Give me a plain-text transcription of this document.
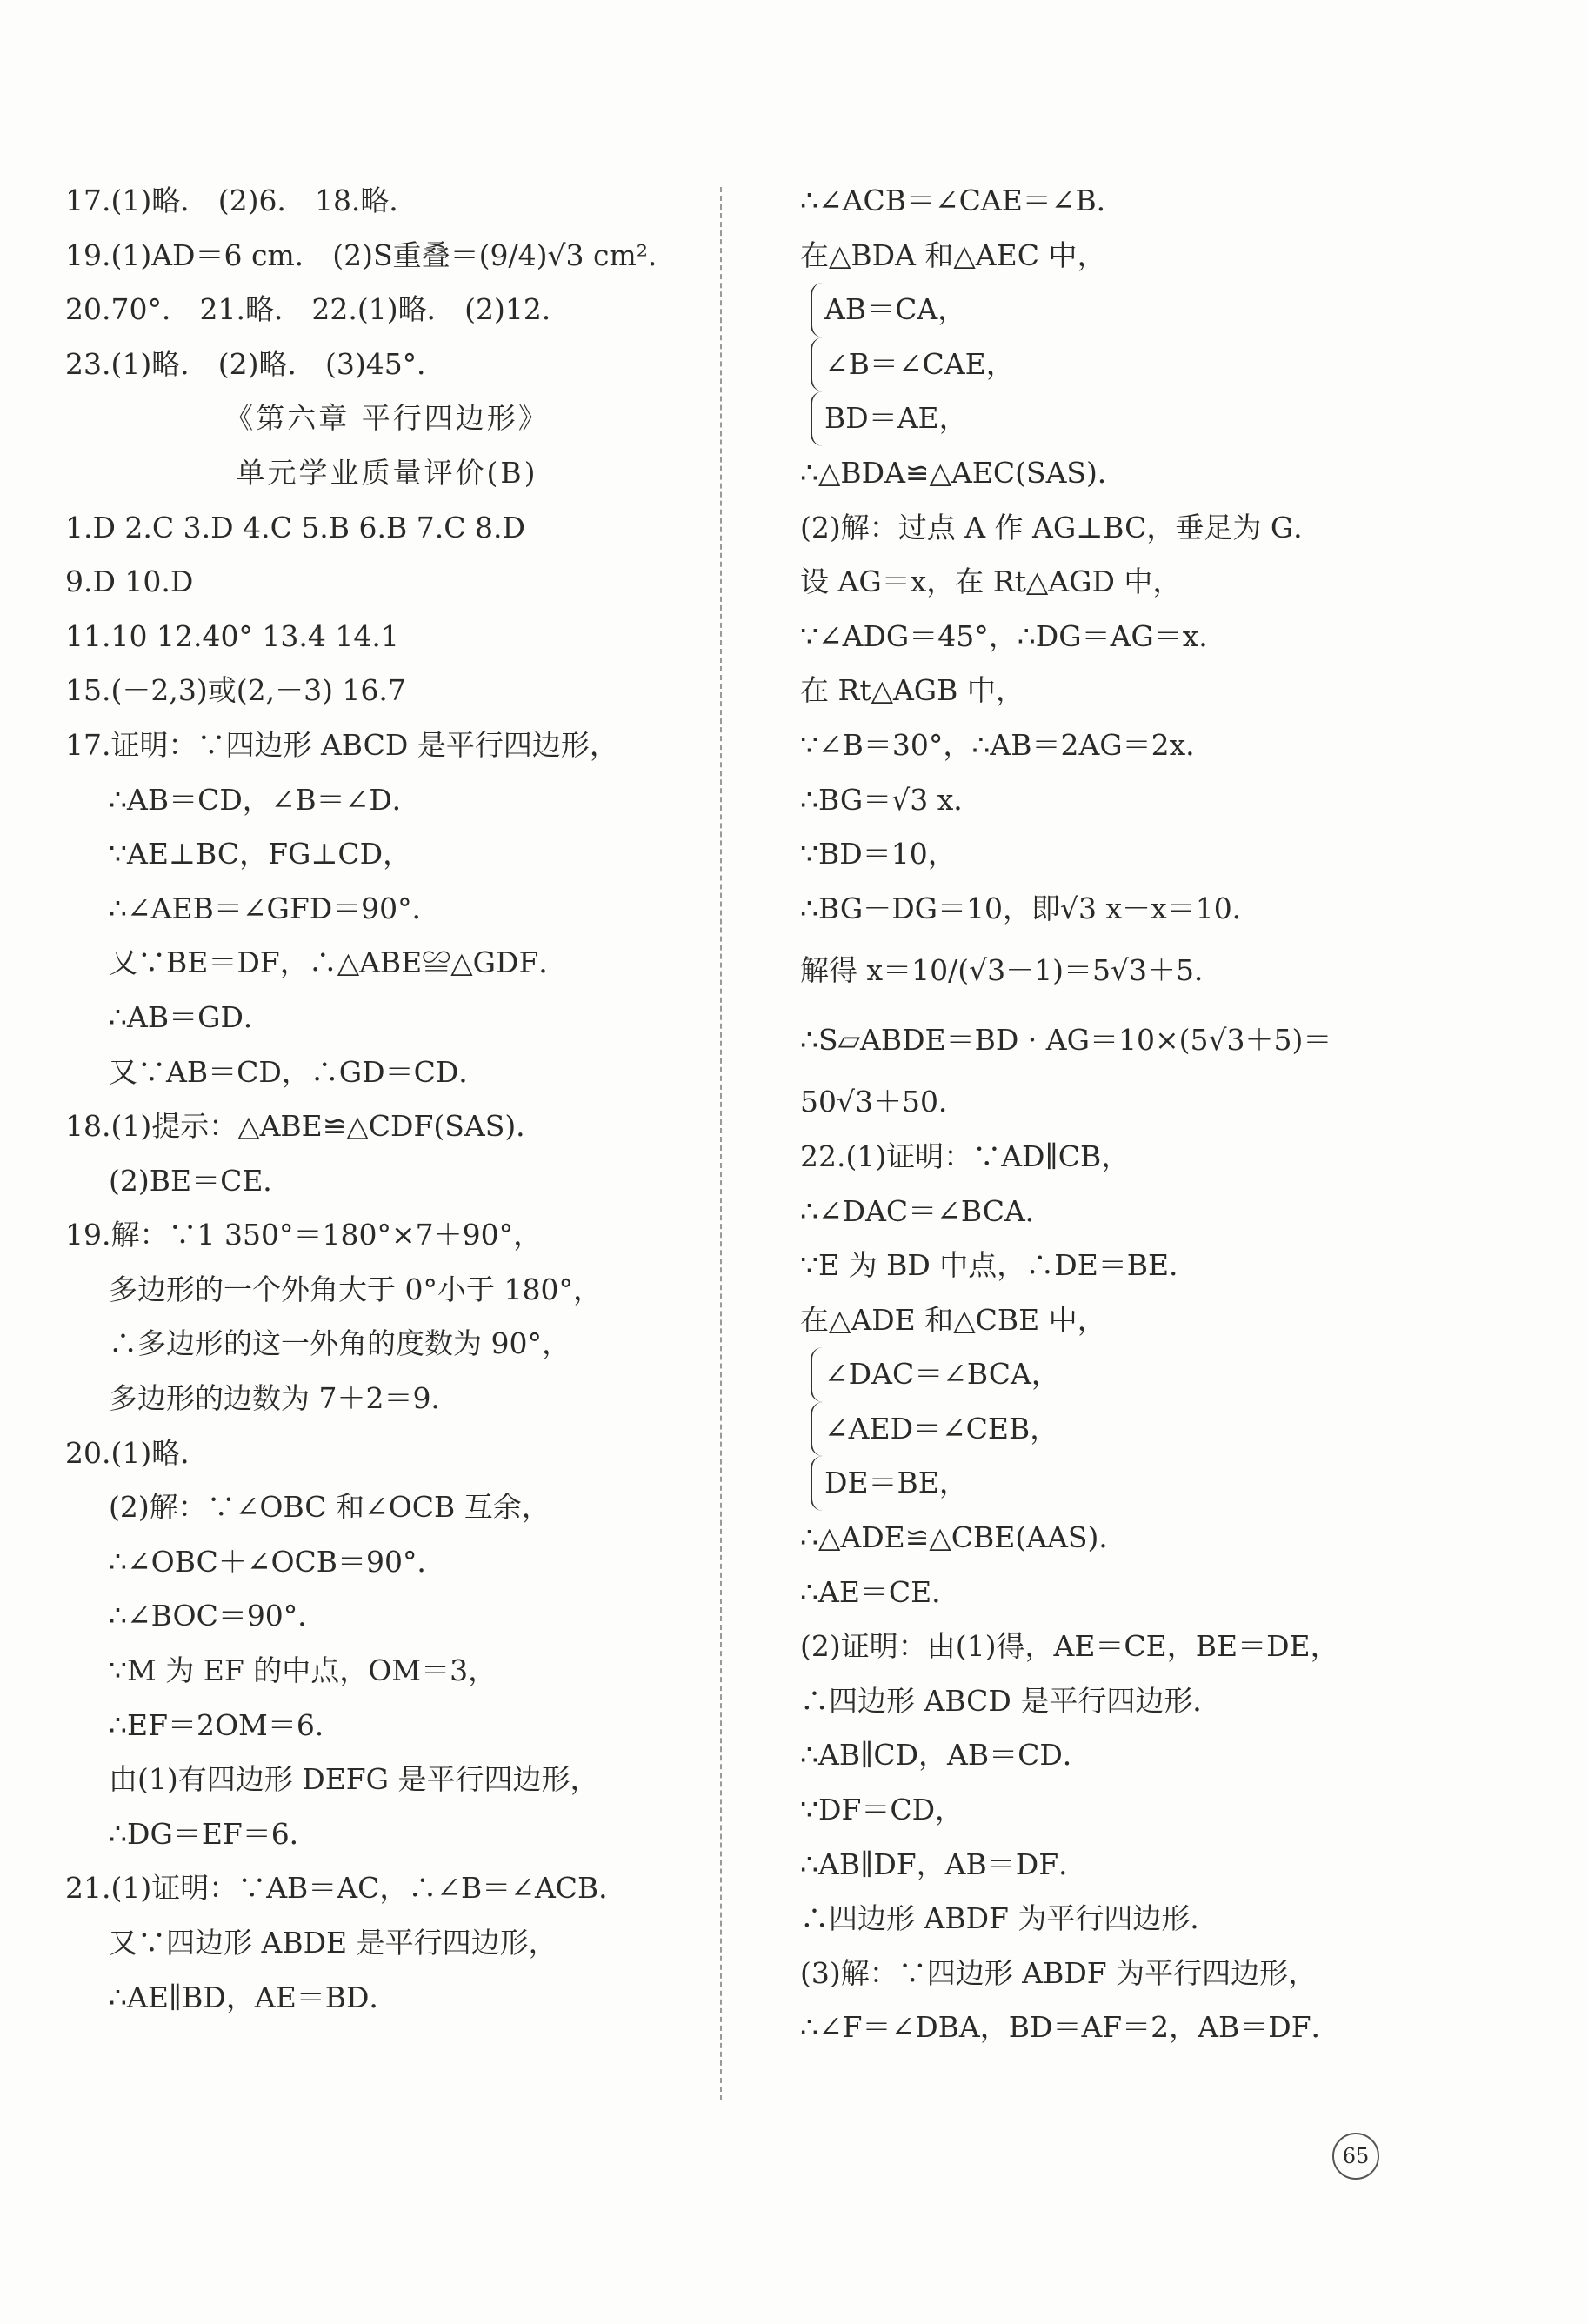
17.(1)略． (2)6． 18.略．
19.(1)AD＝6 cm． (2)S重叠＝(9/4)√3 cm²．
20.70°． 21.略． 22.(1)略． (2)12．
23.(1)略． (2)略． (3)45°．
《第六章 平行四边形》
单元学业质量评价(B)
1.D 2.C 3.D 4.C 5.B 6.B 7.C 8.D
9.D 10.D
11.10 12.40° 13.4 14.1
15.(－2,3)或(2,－3) 16.7
17.证明：∵四边形 ABCD 是平行四边形，
∴AB＝CD，∠B＝∠D．
∵AE⊥BC，FG⊥CD，
∴∠AEB＝∠GFD＝90°．
又∵BE＝DF，∴△ABE≌△GDF．
∴AB＝GD．
又∵AB＝CD，∴GD＝CD．
18.(1)提示：△ABE≌△CDF(SAS)．
(2)BE＝CE．
19.解：∵1 350°＝180°×7＋90°，
多边形的一个外角大于 0°小于 180°，
∴多边形的这一外角的度数为 90°，
多边形的边数为 7＋2＝9．
20.(1)略．
(2)解：∵∠OBC 和∠OCB 互余，
∴∠OBC＋∠OCB＝90°．
∴∠BOC＝90°．
∵M 为 EF 的中点，OM＝3，
∴EF＝2OM＝6．
由(1)有四边形 DEFG 是平行四边形，
∴DG＝EF＝6．
21.(1)证明：∵AB＝AC，∴∠B＝∠ACB．
又∵四边形 ABDE 是平行四边形，
∴AE∥BD，AE＝BD．
∴∠ACB＝∠CAE＝∠B．
在△BDA 和△AEC 中，
AB＝CA，
∠B＝∠CAE，
BD＝AE，
∴△BDA≌△AEC(SAS)．
(2)解：过点 A 作 AG⊥BC，垂足为 G．
设 AG＝x，在 Rt△AGD 中，
∵∠ADG＝45°，∴DG＝AG＝x．
在 Rt△AGB 中，
∵∠B＝30°，∴AB＝2AG＝2x．
∴BG＝√3 x．
∵BD＝10，
∴BG－DG＝10，即√3 x－x＝10．
解得 x＝10/(√3－1)＝5√3＋5．
∴S▱ABDE＝BD · AG＝10×(5√3＋5)＝
50√3＋50．
22.(1)证明：∵AD∥CB，
∴∠DAC＝∠BCA．
∵E 为 BD 中点，∴DE＝BE．
在△ADE 和△CBE 中，
∠DAC＝∠BCA，
∠AED＝∠CEB，
DE＝BE，
∴△ADE≌△CBE(AAS)．
∴AE＝CE．
(2)证明：由(1)得，AE＝CE，BE＝DE，
∴四边形 ABCD 是平行四边形．
∴AB∥CD，AB＝CD．
∵DF＝CD，
∴AB∥DF，AB＝DF．
∴四边形 ABDF 为平行四边形．
(3)解：∵四边形 ABDF 为平行四边形，
∴∠F＝∠DBA，BD＝AF＝2，AB＝DF．
65
